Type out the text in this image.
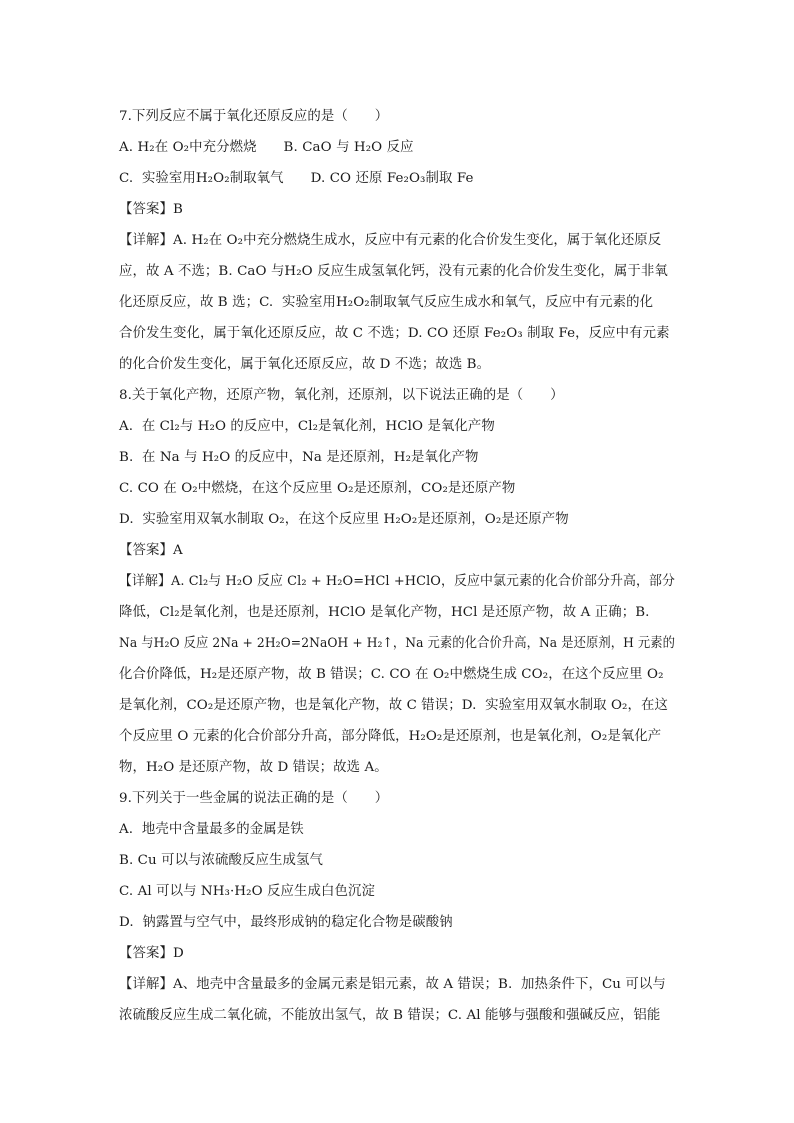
7.下列反应不属于氧化还原反应的是（　　）
A. H₂在 O₂中充分燃烧　　B. CaO 与 H₂O 反应
C.  实验室用H₂O₂制取氧气　　D. CO 还原 Fe₂O₃制取 Fe
【答案】B
【详解】A. H₂在 O₂中充分燃烧生成水，反应中有元素的化合价发生变化，属于氧化还原反
应，故 A 不选；B. CaO 与H₂O 反应生成氢氧化钙，没有元素的化合价发生变化，属于非氧
化还原反应，故 B 选；C.  实验室用H₂O₂制取氧气反应生成水和氧气，反应中有元素的化
合价发生变化，属于氧化还原反应，故 C 不选；D. CO 还原 Fe₂O₃ 制取 Fe，反应中有元素
的化合价发生变化，属于氧化还原反应，故 D 不选；故选 B。
8.关于氧化产物，还原产物，氧化剂，还原剂，以下说法正确的是（　　）
A.  在 Cl₂与 H₂O 的反应中，Cl₂是氧化剂，HClO 是氧化产物
B.  在 Na 与 H₂O 的反应中，Na 是还原剂，H₂是氧化产物
C. CO 在 O₂中燃烧，在这个反应里 O₂是还原剂，CO₂是还原产物
D.  实验室用双氧水制取 O₂，在这个反应里 H₂O₂是还原剂，O₂是还原产物
【答案】A
【详解】A. Cl₂与 H₂O 反应 Cl₂ + H₂O=HCl +HClO，反应中氯元素的化合价部分升高，部分
降低，Cl₂是氧化剂，也是还原剂，HClO 是氧化产物，HCl 是还原产物，故 A 正确；B.
Na 与H₂O 反应 2Na + 2H₂O=2NaOH + H₂↑，Na 元素的化合价升高，Na 是还原剂，H 元素的
化合价降低，H₂是还原产物，故 B 错误；C. CO 在 O₂中燃烧生成 CO₂，在这个反应里 O₂
是氧化剂，CO₂是还原产物，也是氧化产物，故 C 错误；D.  实验室用双氧水制取 O₂，在这
个反应里 O 元素的化合价部分升高，部分降低，H₂O₂是还原剂，也是氧化剂，O₂是氧化产
物，H₂O 是还原产物，故 D 错误；故选 A。
9.下列关于一些金属的说法正确的是（　　）
A.  地壳中含量最多的金属是铁
B. Cu 可以与浓硫酸反应生成氢气
C. Al 可以与 NH₃·H₂O 反应生成白色沉淀
D.  钠露置与空气中，最终形成钠的稳定化合物是碳酸钠
【答案】D
【详解】A、地壳中含量最多的金属元素是铝元素，故 A 错误；B.  加热条件下，Cu 可以与
浓硫酸反应生成二氧化硫，不能放出氢气，故 B 错误；C. Al 能够与强酸和强碱反应，铝能
